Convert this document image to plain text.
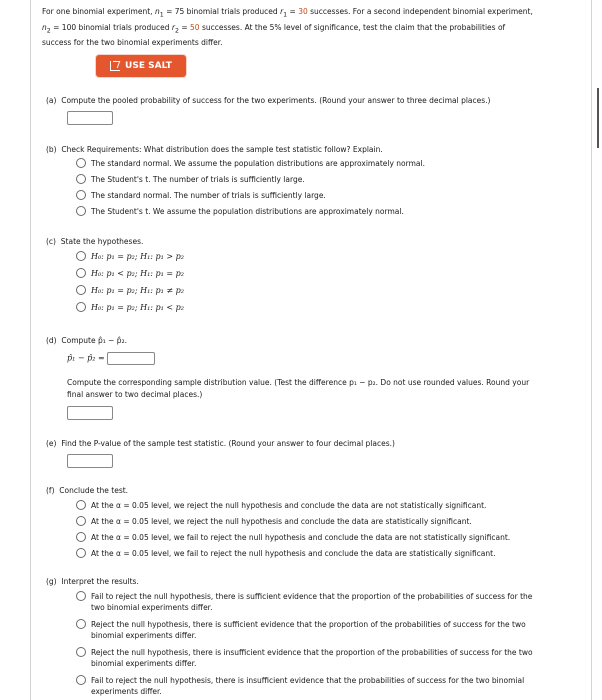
For one binomial experiment, $n_1 = 75$ binomial trials produced $r_1 = 30$ successes. For a second independent binomial experiment,
$n_2 = 100$ binomial trials produced $r_2 = 50$ successes. At the 5% level of significance, test the claim that the probabilities of
success for the two binomial experiments differ.
USE SALT
(a) Compute the pooled probability of success for the two experiments. (Round your answer to three decimal places.)
(b) Check Requirements: What distribution does the sample test statistic follow? Explain.
The standard normal. We assume the population distributions are approximately normal.
The Student's t. The number of trials is sufficiently large.
The standard normal. The number of trials is sufficiently large.
The Student's t. We assume the population distributions are approximately normal.
(c) State the hypotheses.
H₀: p₁ = p₂; H₁: p₁ > p₂
H₀: p₁ < p₂; H₁: p₁ = p₂
H₀: p₁ = p₂; H₁: p₁ ≠ p₂
H₀: p₁ = p₂; H₁: p₁ < p₂
(d) Compute p̂₁ − p̂₂.
p̂₁ − p̂₂ =
Compute the corresponding sample distribution value. (Test the difference p₁ − p₂. Do not use rounded values. Round your
final answer to two decimal places.)
(e) Find the P-value of the sample test statistic. (Round your answer to four decimal places.)
(f) Conclude the test.
At the α = 0.05 level, we reject the null hypothesis and conclude the data are not statistically significant.
At the α = 0.05 level, we reject the null hypothesis and conclude the data are statistically significant.
At the α = 0.05 level, we fail to reject the null hypothesis and conclude the data are not statistically significant.
At the α = 0.05 level, we fail to reject the null hypothesis and conclude the data are statistically significant.
(g) Interpret the results.
Fail to reject the null hypothesis, there is sufficient evidence that the proportion of the probabilities of success for the
two binomial experiments differ.
Reject the null hypothesis, there is sufficient evidence that the proportion of the probabilities of success for the two
binomial experiments differ.
Reject the null hypothesis, there is insufficient evidence that the proportion of the probabilities of success for the two
binomial experiments differ.
Fail to reject the null hypothesis, there is insufficient evidence that the probabilities of success for the two binomial
experiments differ.
